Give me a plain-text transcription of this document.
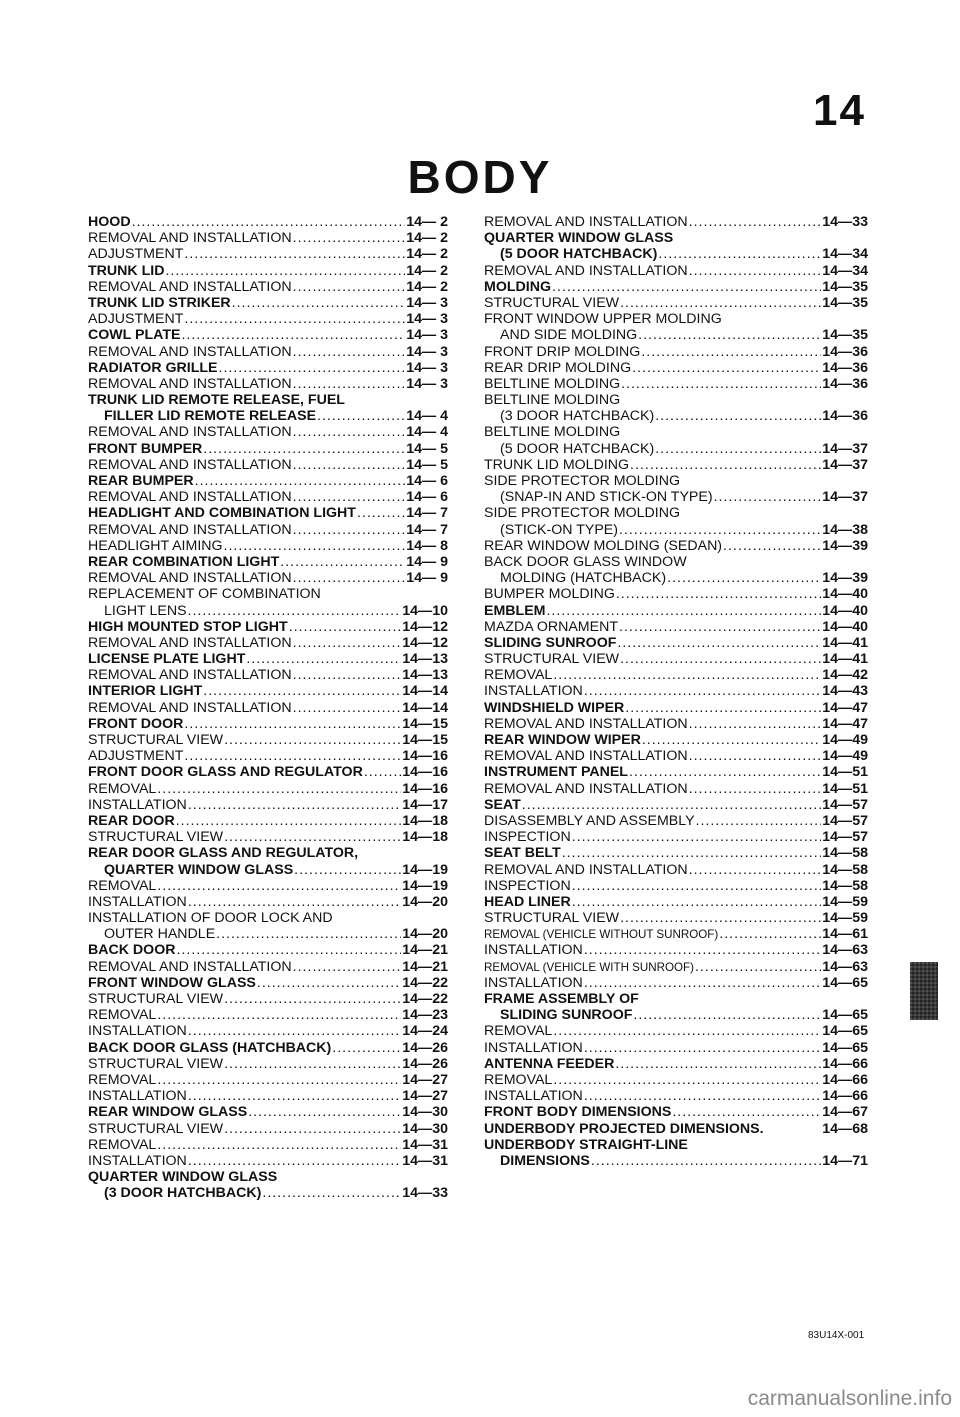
14
BODY
HOOD .....	14— 2
REMOVAL AND INSTALLATION .....	14— 2
ADJUSTMENT .....	14— 2
TRUNK LID .....	14— 2
REMOVAL AND INSTALLATION .....	14— 2
TRUNK LID STRIKER .....	14— 3
ADJUSTMENT .....	14— 3
COWL PLATE .....	14— 3
REMOVAL AND INSTALLATION .....	14— 3
RADIATOR GRILLE .....	14— 3
REMOVAL AND INSTALLATION .....	14— 3
TRUNK LID REMOTE RELEASE, FUEL
FILLER LID REMOTE RELEASE .....	14— 4
REMOVAL AND INSTALLATION .....	14— 4
FRONT BUMPER .....	14— 5
REMOVAL AND INSTALLATION .....	14— 5
REAR BUMPER .....	14— 6
REMOVAL AND INSTALLATION .....	14— 6
HEADLIGHT AND COMBINATION LIGHT .....	14— 7
REMOVAL AND INSTALLATION .....	14— 7
HEADLIGHT AIMING .....	14— 8
REAR COMBINATION LIGHT .....	14— 9
REMOVAL AND INSTALLATION .....	14— 9
REPLACEMENT OF COMBINATION
LIGHT LENS .....	14—10
HIGH MOUNTED STOP LIGHT .....	14—12
REMOVAL AND INSTALLATION .....	14—12
LICENSE PLATE LIGHT .....	14—13
REMOVAL AND INSTALLATION .....	14—13
INTERIOR LIGHT .....	14—14
REMOVAL AND INSTALLATION .....	14—14
FRONT DOOR .....	14—15
STRUCTURAL VIEW .....	14—15
ADJUSTMENT .....	14—16
FRONT DOOR GLASS AND REGULATOR .....	14—16
REMOVAL .....	14—16
INSTALLATION .....	14—17
REAR DOOR .....	14—18
STRUCTURAL VIEW .....	14—18
REAR DOOR GLASS AND REGULATOR,
QUARTER WINDOW GLASS .....	14—19
REMOVAL .....	14—19
INSTALLATION .....	14—20
INSTALLATION OF DOOR LOCK AND
OUTER HANDLE .....	14—20
BACK DOOR .....	14—21
REMOVAL AND INSTALLATION .....	14—21
FRONT WINDOW GLASS .....	14—22
STRUCTURAL VIEW .....	14—22
REMOVAL .....	14—23
INSTALLATION .....	14—24
BACK DOOR GLASS (HATCHBACK) .....	14—26
STRUCTURAL VIEW .....	14—26
REMOVAL .....	14—27
INSTALLATION .....	14—27
REAR WINDOW GLASS .....	14—30
STRUCTURAL VIEW .....	14—30
REMOVAL .....	14—31
INSTALLATION .....	14—31
QUARTER WINDOW GLASS
(3 DOOR HATCHBACK) .....	14—33
REMOVAL AND INSTALLATION .....	14—33
QUARTER WINDOW GLASS
(5 DOOR HATCHBACK) .....	14—34
REMOVAL AND INSTALLATION .....	14—34
MOLDING .....	14—35
STRUCTURAL VIEW .....	14—35
FRONT WINDOW UPPER MOLDING
AND SIDE MOLDING .....	14—35
FRONT DRIP MOLDING .....	14—36
REAR DRIP MOLDING .....	14—36
BELTLINE MOLDING .....	14—36
BELTLINE MOLDING
(3 DOOR HATCHBACK) .....	14—36
BELTLINE MOLDING
(5 DOOR HATCHBACK) .....	14—37
TRUNK LID MOLDING .....	14—37
SIDE PROTECTOR MOLDING
(SNAP-IN AND STICK-ON TYPE) .....	14—37
SIDE PROTECTOR MOLDING
(STICK-ON TYPE) .....	14—38
REAR WINDOW MOLDING (SEDAN) .....	14—39
BACK DOOR GLASS WINDOW
MOLDING (HATCHBACK) .....	14—39
BUMPER MOLDING .....	14—40
EMBLEM .....	14—40
MAZDA ORNAMENT .....	14—40
SLIDING SUNROOF .....	14—41
STRUCTURAL VIEW .....	14—41
REMOVAL .....	14—42
INSTALLATION .....	14—43
WINDSHIELD WIPER .....	14—47
REMOVAL AND INSTALLATION .....	14—47
REAR WINDOW WIPER .....	14—49
REMOVAL AND INSTALLATION .....	14—49
INSTRUMENT PANEL .....	14—51
REMOVAL AND INSTALLATION .....	14—51
SEAT .....	14—57
DISASSEMBLY AND ASSEMBLY .....	14—57
INSPECTION .....	14—57
SEAT BELT .....	14—58
REMOVAL AND INSTALLATION .....	14—58
INSPECTION .....	14—58
HEAD LINER .....	14—59
STRUCTURAL VIEW .....	14—59
REMOVAL (VEHICLE WITHOUT SUNROOF) .....	14—61
INSTALLATION .....	14—63
REMOVAL (VEHICLE WITH SUNROOF) .....	14—63
INSTALLATION .....	14—65
FRAME ASSEMBLY OF
SLIDING SUNROOF .....	14—65
REMOVAL .....	14—65
INSTALLATION .....	14—65
ANTENNA FEEDER .....	14—66
REMOVAL .....	14—66
INSTALLATION .....	14—66
FRONT BODY DIMENSIONS .....	14—67
UNDERBODY PROJECTED DIMENSIONS.	14—68
UNDERBODY STRAIGHT-LINE
DIMENSIONS .....	14—71
83U14X-001
carmanualsonline.info
